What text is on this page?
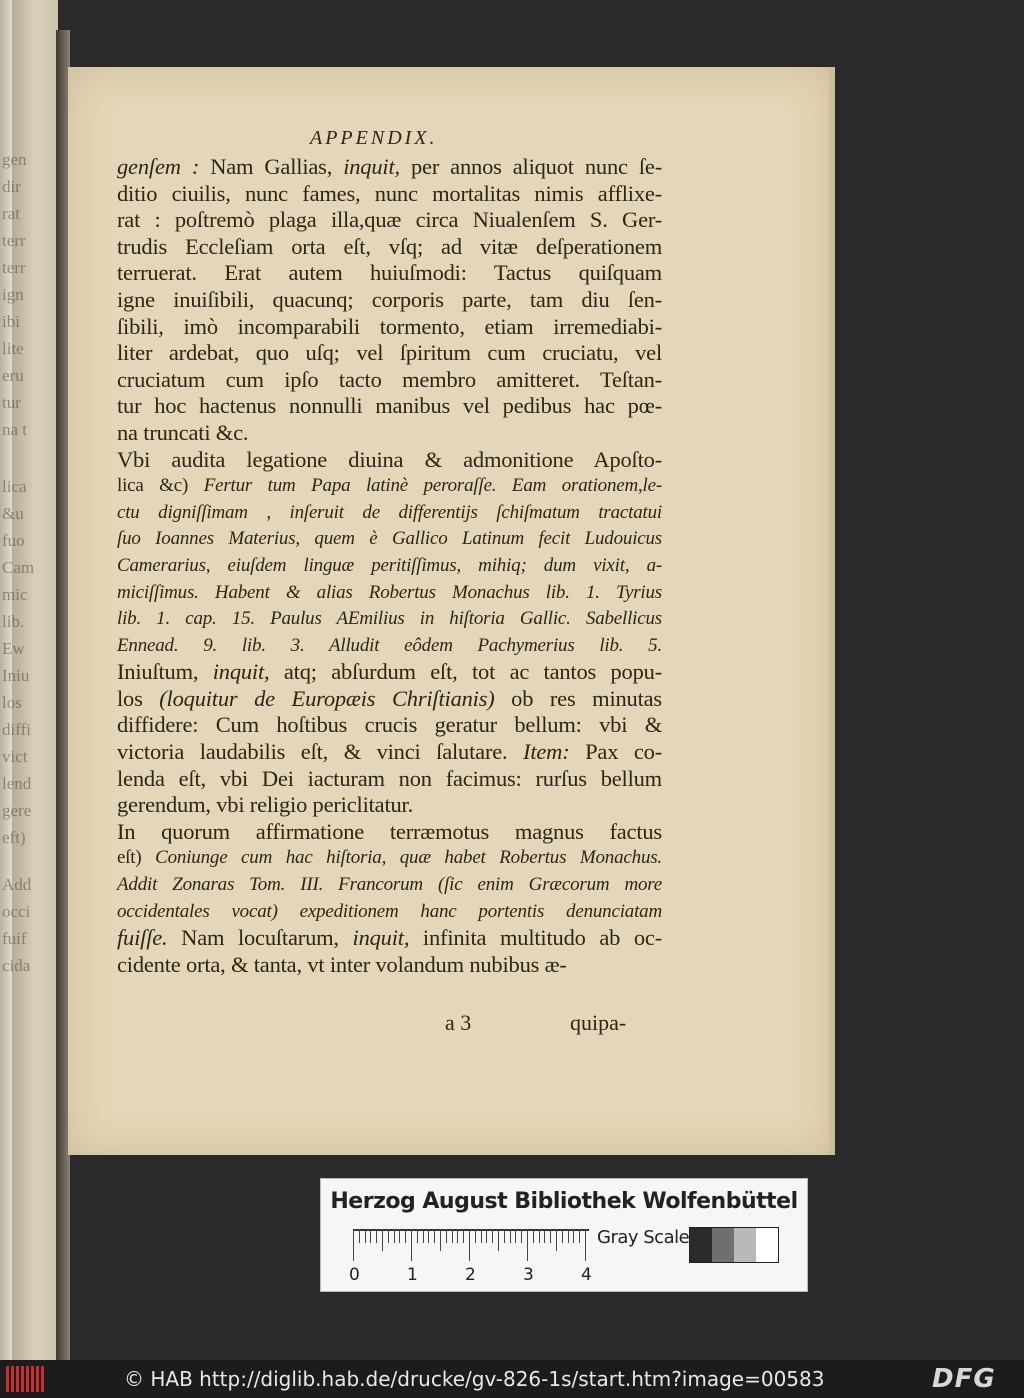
gen
dir
rat
terr
terr
ign
ibi
lite
eru
tur
na t
lica
&u
fuo
Cam
mic
lib.
Ew
Iniu
los
diffi
vict
lend
gere
eft)
Add
occi
fuif
cida
APPENDIX.
genſem : Nam Gallias, inquit, per annos aliquot nunc ſe-
ditio ciuilis, nunc fames, nunc mortalitas nimis afflixe-
rat : poſtremò plaga illa,quæ circa Niualenſem S. Ger-
trudis Eccleſiam orta eſt, vſq; ad vitæ deſperationem
terruerat. Erat autem huiuſmodi: Tactus quiſquam
igne inuiſibili, quacunq; corporis parte, tam diu ſen-
ſibili, imò incomparabili tormento, etiam irremediabi-
liter ardebat, quo uſq; vel ſpiritum cum cruciatu, vel
cruciatum cum ipſo tacto membro amitteret. Teſtan-
tur hoc hactenus nonnulli manibus vel pedibus hac pœ-
na truncati &c.
Vbi audita legatione diuina & admonitione Apoſto-
lica &c) Fertur tum Papa latinè peroraſſe. Eam orationem,le-
ctu digniſſimam , inſeruit de differentijs ſchiſmatum tractatui
ſuo Ioannes Materius, quem è Gallico Latinum fecit Ludouicus
Camerarius, eiuſdem linguæ peritiſſimus, mihiq; dum vixit, a-
miciſſimus. Habent & alias Robertus Monachus lib. 1. Tyrius
lib. 1. cap. 15. Paulus AEmilius in hiſtoria Gallic. Sabellicus
Ennead. 9. lib. 3. Alludit eôdem Pachymerius lib. 5.
Iniuſtum, inquit, atq; abſurdum eſt, tot ac tantos popu-
los (loquitur de Europæis Chriſtianis) ob res minutas
diffidere: Cum hoſtibus crucis geratur bellum: vbi &
victoria laudabilis eſt, & vinci ſalutare. Item: Pax co-
lenda eſt, vbi Dei iacturam non facimus: rurſus bellum
gerendum, vbi religio periclitatur.
In quorum affirmatione terræmotus magnus factus
eſt) Coniunge cum hac hiſtoria, quæ habet Robertus Monachus.
Addit Zonaras Tom. III. Francorum (ſic enim Græcorum more
occidentales vocat) expeditionem hanc portentis denunciatam
fuiſſe. Nam locuſtarum, inquit, infinita multitudo ab oc-
cidente orta, & tanta, vt inter volandum nubibus æ-
a 3	quipa-
Herzog August Bibliothek Wolfenbüttel
Gray Scale
0	1	2	3	4
© HAB http://diglib.hab.de/drucke/gv-826-1s/start.htm?image=00583	DFG
